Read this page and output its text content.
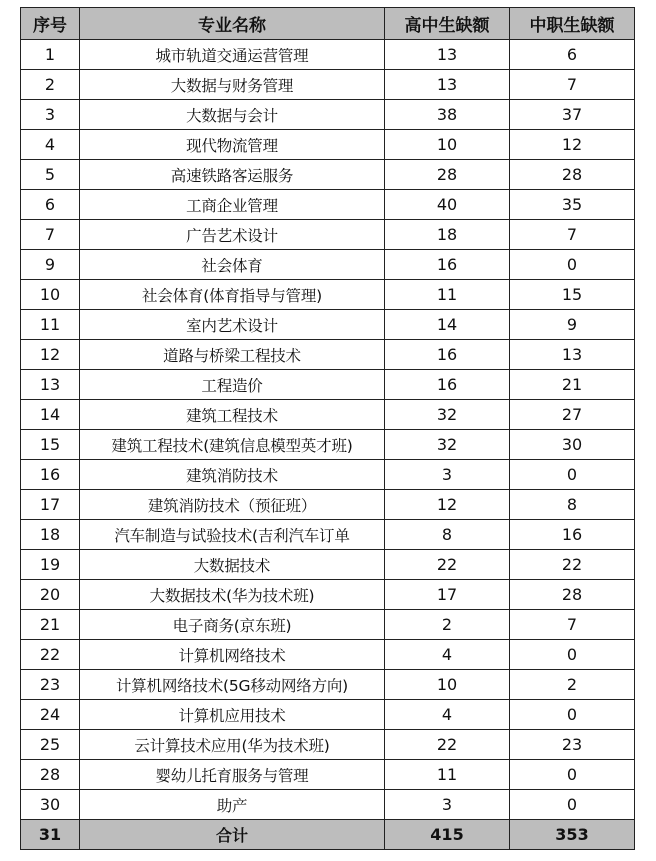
序号	专业名称	高中生缺额	中职生缺额
1	城市轨道交通运营管理	13	6
2	大数据与财务管理	13	7
3	大数据与会计	38	37
4	现代物流管理	10	12
5	高速铁路客运服务	28	28
6	工商企业管理	40	35
7	广告艺术设计	18	7
9	社会体育	16	0
10	社会体育(体育指导与管理)	11	15
11	室内艺术设计	14	9
12	道路与桥梁工程技术	16	13
13	工程造价	16	21
14	建筑工程技术	32	27
15	建筑工程技术(建筑信息模型英才班)	32	30
16	建筑消防技术	3	0
17	建筑消防技术（预征班）	12	8
18	汽车制造与试验技术(吉利汽车订单	8	16
19	大数据技术	22	22
20	大数据技术(华为技术班)	17	28
21	电子商务(京东班)	2	7
22	计算机网络技术	4	0
23	计算机网络技术(5G移动网络方向)	10	2
24	计算机应用技术	4	0
25	云计算技术应用(华为技术班)	22	23
28	婴幼儿托育服务与管理	11	0
30	助产	3	0
31	合计	415	353
